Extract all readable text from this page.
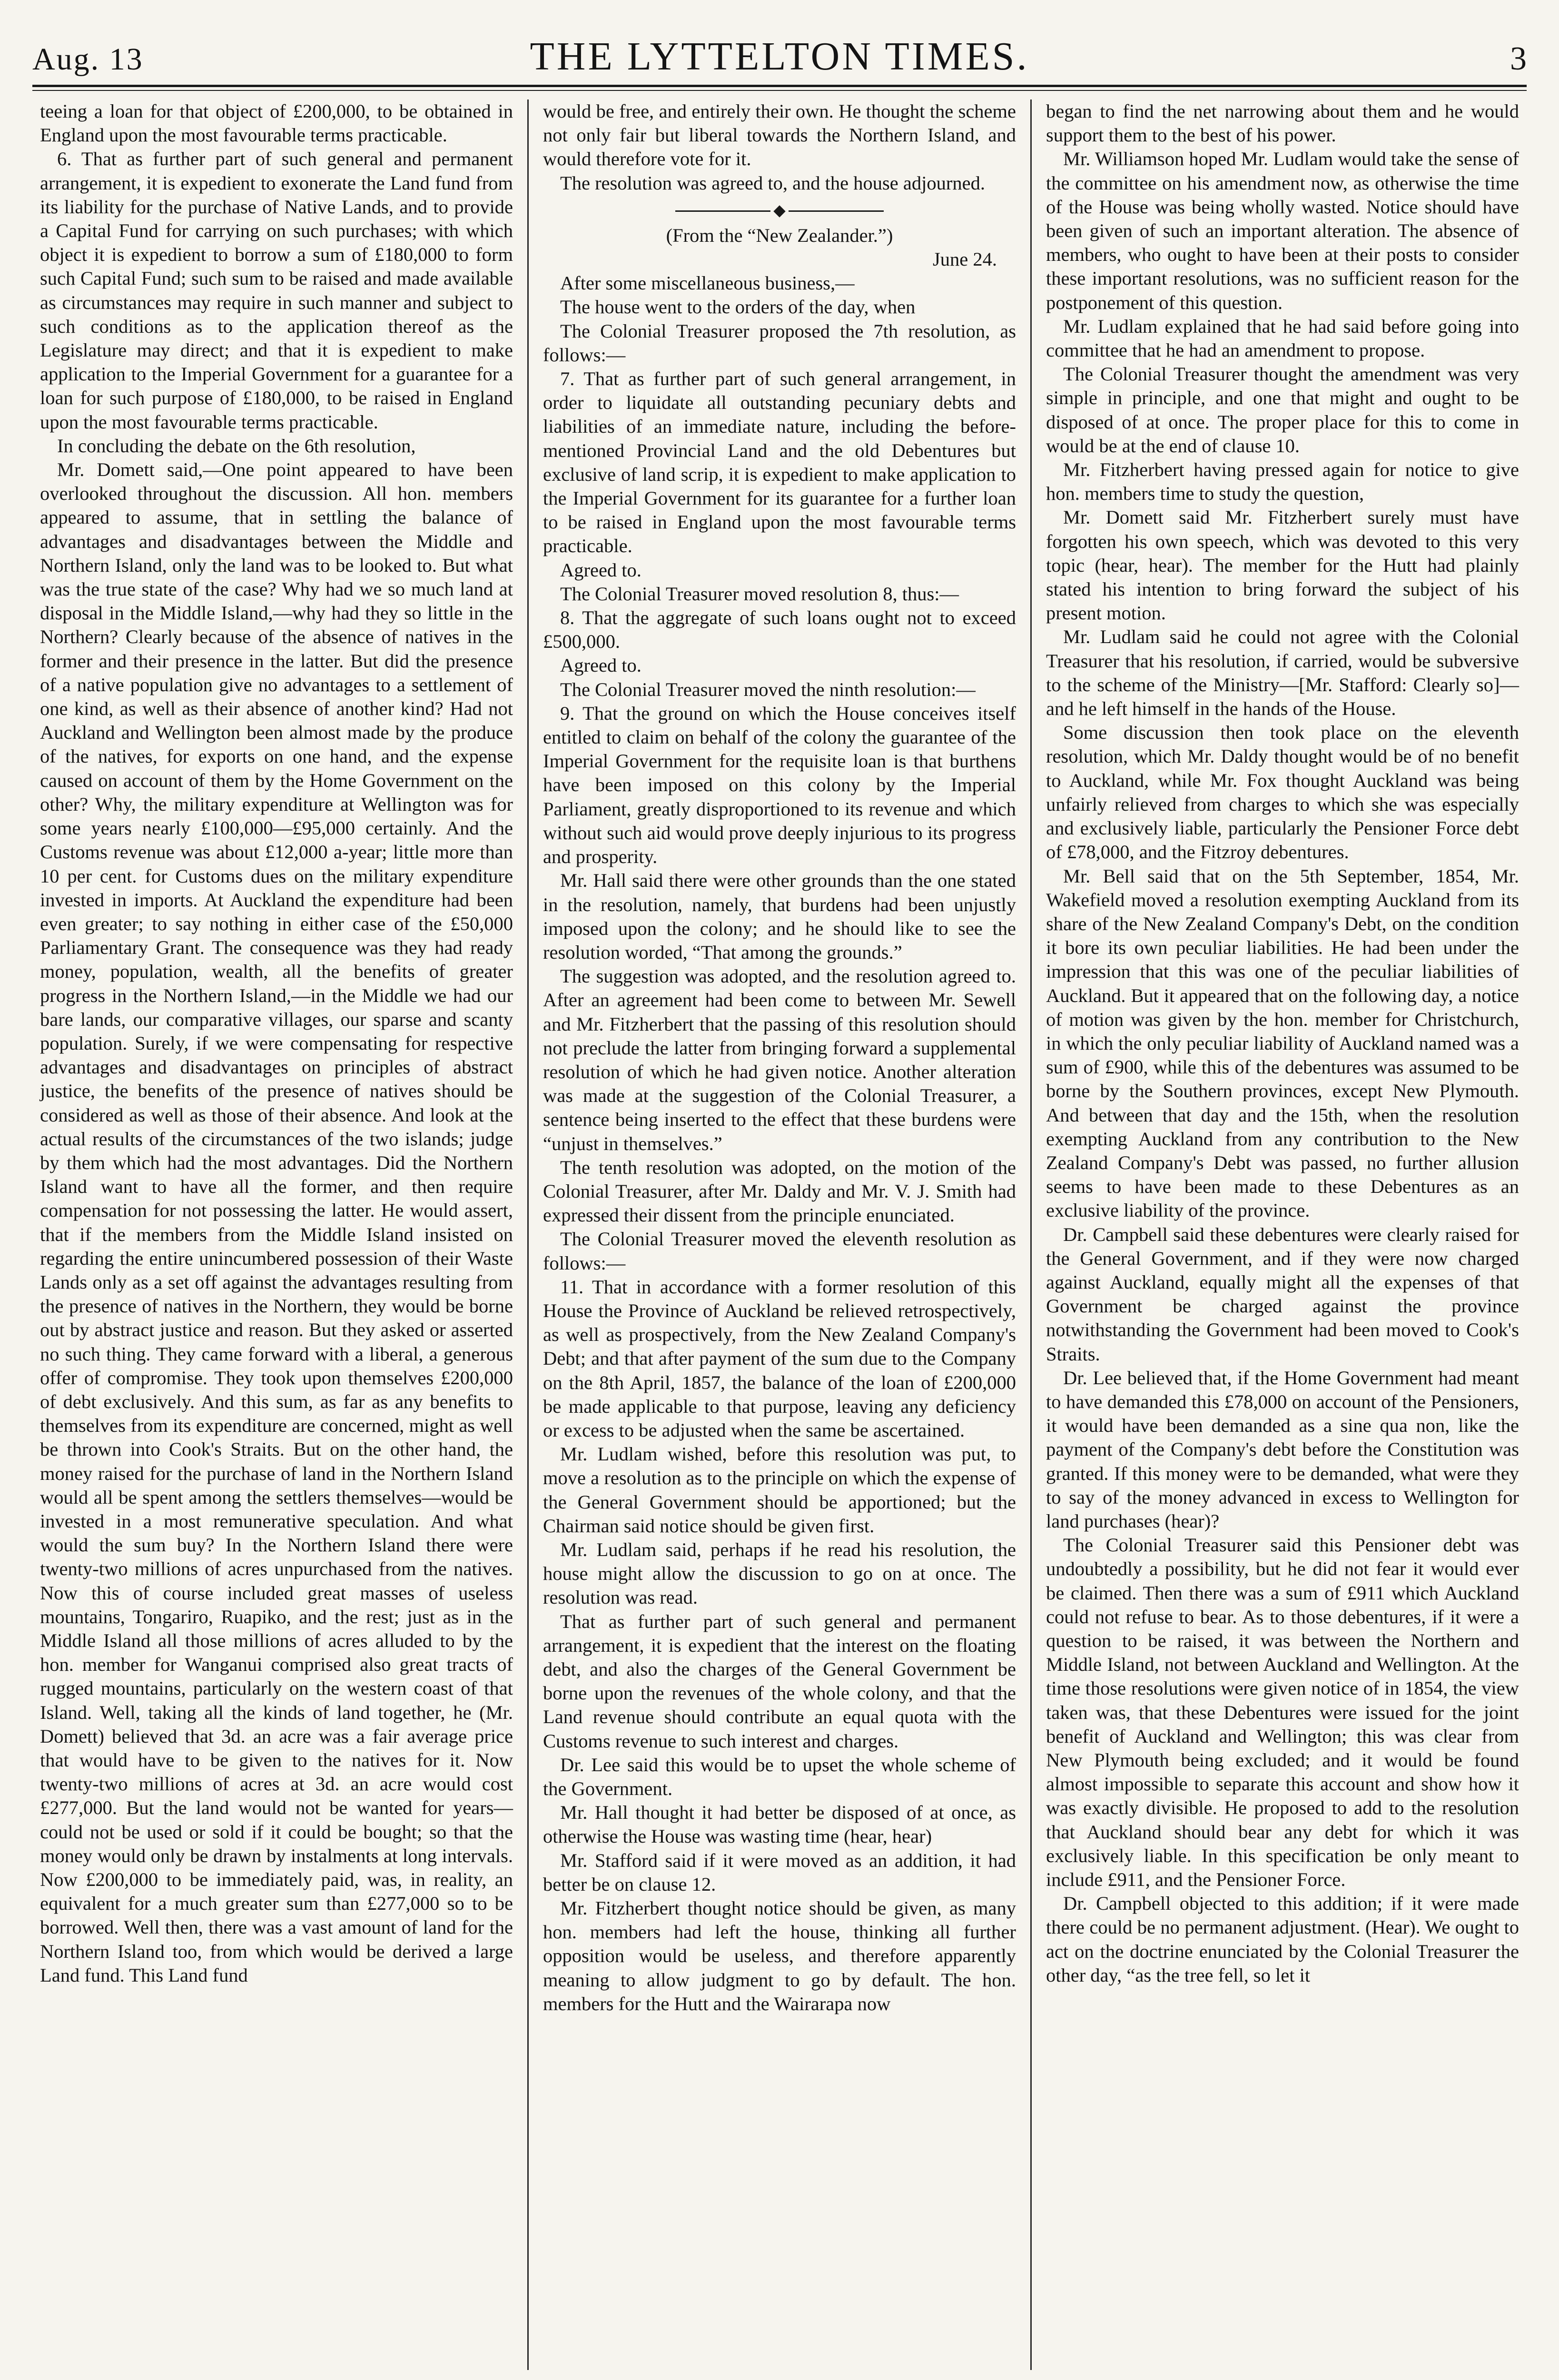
Aug. 13	THE LYTTELTON TIMES.	3

teeing a loan for that object of £200,000, to be obtained in England upon the most favourable terms practicable.

6. That as further part of such general and permanent arrangement, it is expedient to exonerate the Land fund from its liability for the purchase of Native Lands, and to provide a Capital Fund for carrying on such purchases; with which object it is expedient to borrow a sum of £180,000 to form such Capital Fund; such sum to be raised and made available as circumstances may require in such manner and subject to such conditions as to the application thereof as the Legislature may direct; and that it is expedient to make application to the Imperial Government for a guarantee for a loan for such purpose of £180,000, to be raised in England upon the most favourable terms practicable.

In concluding the debate on the 6th resolution,

Mr. Domett said,—One point appeared to have been overlooked throughout the discussion. All hon. members appeared to assume, that in settling the balance of advantages and disadvantages between the Middle and Northern Island, only the land was to be looked to. But what was the true state of the case? Why had we so much land at disposal in the Middle Island,—why had they so little in the Northern? Clearly because of the absence of natives in the former and their presence in the latter. But did the presence of a native population give no advantages to a settlement of one kind, as well as their absence of another kind? Had not Auckland and Wellington been almost made by the produce of the natives, for exports on one hand, and the expense caused on account of them by the Home Government on the other? Why, the military expenditure at Wellington was for some years nearly £100,000—£95,000 certainly. And the Customs revenue was about £12,000 a-year; little more than 10 per cent. for Customs dues on the military expenditure invested in imports. At Auckland the expenditure had been even greater; to say nothing in either case of the £50,000 Parliamentary Grant. The consequence was they had ready money, population, wealth, all the benefits of greater progress in the Northern Island,—in the Middle we had our bare lands, our comparative villages, our sparse and scanty population. Surely, if we were compensating for respective advantages and disadvantages on principles of abstract justice, the benefits of the presence of natives should be considered as well as those of their absence. And look at the actual results of the circumstances of the two islands; judge by them which had the most advantages. Did the Northern Island want to have all the former, and then require compensation for not possessing the latter. He would assert, that if the members from the Middle Island insisted on regarding the entire unincumbered possession of their Waste Lands only as a set off against the advantages resulting from the presence of natives in the Northern, they would be borne out by abstract justice and reason. But they asked or asserted no such thing. They came forward with a liberal, a generous offer of compromise. They took upon themselves £200,000 of debt exclusively. And this sum, as far as any benefits to themselves from its expenditure are concerned, might as well be thrown into Cook's Straits. But on the other hand, the money raised for the purchase of land in the Northern Island would all be spent among the settlers themselves—would be invested in a most remunerative speculation. And what would the sum buy? In the Northern Island there were twenty-two millions of acres unpurchased from the natives. Now this of course included great masses of useless mountains, Tongariro, Ruapiko, and the rest; just as in the Middle Island all those millions of acres alluded to by the hon. member for Wanganui comprised also great tracts of rugged mountains, particularly on the western coast of that Island. Well, taking all the kinds of land together, he (Mr. Domett) believed that 3d. an acre was a fair average price that would have to be given to the natives for it. Now twenty-two millions of acres at 3d. an acre would cost £277,000. But the land would not be wanted for years—could not be used or sold if it could be bought; so that the money would only be drawn by instalments at long intervals. Now £200,000 to be immediately paid, was, in reality, an equivalent for a much greater sum than £277,000 so to be borrowed. Well then, there was a vast amount of land for the Northern Island too, from which would be derived a large Land fund. This Land fund

would be free, and entirely their own. He thought the scheme not only fair but liberal towards the Northern Island, and would therefore vote for it.

The resolution was agreed to, and the house adjourned.

(From the “New Zealander.”)

June 24.

After some miscellaneous business,—

The house went to the orders of the day, when

The Colonial Treasurer proposed the 7th resolution, as follows:—

7. That as further part of such general arrangement, in order to liquidate all outstanding pecuniary debts and liabilities of an immediate nature, including the before-mentioned Provincial Land and the old Debentures but exclusive of land scrip, it is expedient to make application to the Imperial Government for its guarantee for a further loan to be raised in England upon the most favourable terms practicable.

Agreed to.

The Colonial Treasurer moved resolution 8, thus:—

8. That the aggregate of such loans ought not to exceed £500,000.

Agreed to.

The Colonial Treasurer moved the ninth resolution:—

9. That the ground on which the House conceives itself entitled to claim on behalf of the colony the guarantee of the Imperial Government for the requisite loan is that burthens have been imposed on this colony by the Imperial Parliament, greatly disproportioned to its revenue and which without such aid would prove deeply injurious to its progress and prosperity.

Mr. Hall said there were other grounds than the one stated in the resolution, namely, that burdens had been unjustly imposed upon the colony; and he should like to see the resolution worded, “That among the grounds.”

The suggestion was adopted, and the resolution agreed to. After an agreement had been come to between Mr. Sewell and Mr. Fitzherbert that the passing of this resolution should not preclude the latter from bringing forward a supplemental resolution of which he had given notice. Another alteration was made at the suggestion of the Colonial Treasurer, a sentence being inserted to the effect that these burdens were “unjust in themselves.”

The tenth resolution was adopted, on the motion of the Colonial Treasurer, after Mr. Daldy and Mr. V. J. Smith had expressed their dissent from the principle enunciated.

The Colonial Treasurer moved the eleventh resolution as follows:—

11. That in accordance with a former resolution of this House the Province of Auckland be relieved retrospectively, as well as prospectively, from the New Zealand Company's Debt; and that after payment of the sum due to the Company on the 8th April, 1857, the balance of the loan of £200,000 be made applicable to that purpose, leaving any deficiency or excess to be adjusted when the same be ascertained.

Mr. Ludlam wished, before this resolution was put, to move a resolution as to the principle on which the expense of the General Government should be apportioned; but the Chairman said notice should be given first.

Mr. Ludlam said, perhaps if he read his resolution, the house might allow the discussion to go on at once. The resolution was read.

That as further part of such general and permanent arrangement, it is expedient that the interest on the floating debt, and also the charges of the General Government be borne upon the revenues of the whole colony, and that the Land revenue should contribute an equal quota with the Customs revenue to such interest and charges.

Dr. Lee said this would be to upset the whole scheme of the Government.

Mr. Hall thought it had better be disposed of at once, as otherwise the House was wasting time (hear, hear)

Mr. Stafford said if it were moved as an addition, it had better be on clause 12.

Mr. Fitzherbert thought notice should be given, as many hon. members had left the house, thinking all further opposition would be useless, and therefore apparently meaning to allow judgment to go by default. The hon. members for the Hutt and the Wairarapa now

began to find the net narrowing about them and he would support them to the best of his power.

Mr. Williamson hoped Mr. Ludlam would take the sense of the committee on his amendment now, as otherwise the time of the House was being wholly wasted. Notice should have been given of such an important alteration. The absence of members, who ought to have been at their posts to consider these important resolutions, was no sufficient reason for the postponement of this question.

Mr. Ludlam explained that he had said before going into committee that he had an amendment to propose.

The Colonial Treasurer thought the amendment was very simple in principle, and one that might and ought to be disposed of at once. The proper place for this to come in would be at the end of clause 10.

Mr. Fitzherbert having pressed again for notice to give hon. members time to study the question,

Mr. Domett said Mr. Fitzherbert surely must have forgotten his own speech, which was devoted to this very topic (hear, hear). The member for the Hutt had plainly stated his intention to bring forward the subject of his present motion.

Mr. Ludlam said he could not agree with the Colonial Treasurer that his resolution, if carried, would be subversive to the scheme of the Ministry—[Mr. Stafford: Clearly so]—and he left himself in the hands of the House.

Some discussion then took place on the eleventh resolution, which Mr. Daldy thought would be of no benefit to Auckland, while Mr. Fox thought Auckland was being unfairly relieved from charges to which she was especially and exclusively liable, particularly the Pensioner Force debt of £78,000, and the Fitzroy debentures.

Mr. Bell said that on the 5th September, 1854, Mr. Wakefield moved a resolution exempting Auckland from its share of the New Zealand Company's Debt, on the condition it bore its own peculiar liabilities. He had been under the impression that this was one of the peculiar liabilities of Auckland. But it appeared that on the following day, a notice of motion was given by the hon. member for Christchurch, in which the only peculiar liability of Auckland named was a sum of £900, while this of the debentures was assumed to be borne by the Southern provinces, except New Plymouth. And between that day and the 15th, when the resolution exempting Auckland from any contribution to the New Zealand Company's Debt was passed, no further allusion seems to have been made to these Debentures as an exclusive liability of the province.

Dr. Campbell said these debentures were clearly raised for the General Government, and if they were now charged against Auckland, equally might all the expenses of that Government be charged against the province notwithstanding the Government had been moved to Cook's Straits.

Dr. Lee believed that, if the Home Government had meant to have demanded this £78,000 on account of the Pensioners, it would have been demanded as a sine qua non, like the payment of the Company's debt before the Constitution was granted. If this money were to be demanded, what were they to say of the money advanced in excess to Wellington for land purchases (hear)?

The Colonial Treasurer said this Pensioner debt was undoubtedly a possibility, but he did not fear it would ever be claimed. Then there was a sum of £911 which Auckland could not refuse to bear. As to those debentures, if it were a question to be raised, it was between the Northern and Middle Island, not between Auckland and Wellington. At the time those resolutions were given notice of in 1854, the view taken was, that these Debentures were issued for the joint benefit of Auckland and Wellington; this was clear from New Plymouth being excluded; and it would be found almost impossible to separate this account and show how it was exactly divisible. He proposed to add to the resolution that Auckland should bear any debt for which it was exclusively liable. In this specification be only meant to include £911, and the Pensioner Force.

Dr. Campbell objected to this addition; if it were made there could be no permanent adjustment. (Hear). We ought to act on the doctrine enunciated by the Colonial Treasurer the other day, “as the tree fell, so let it
